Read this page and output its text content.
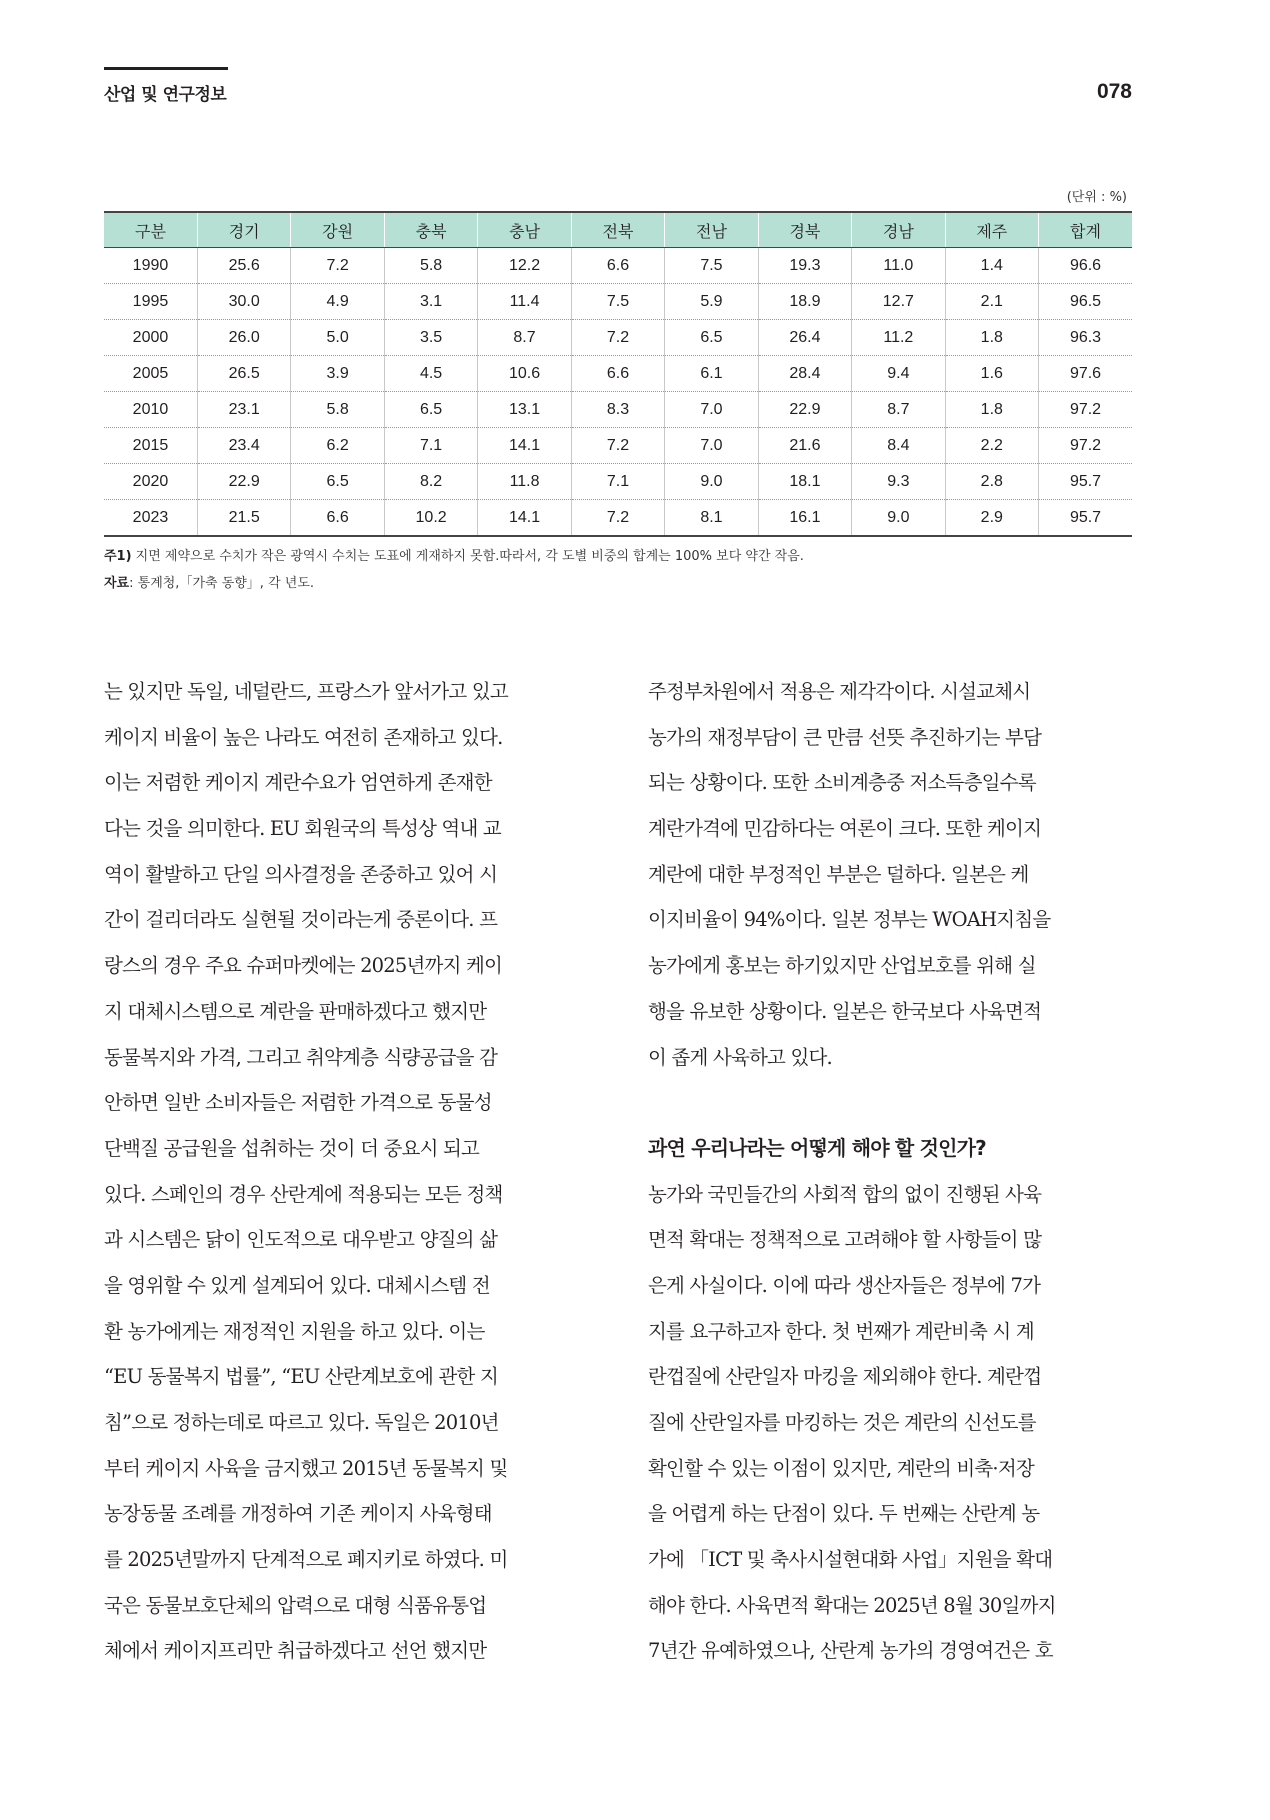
산업 및 연구정보	078
(단위 : %)
구분	경기	강원	충북	충남	전북	전남	경북	경남	제주	합계
1990	25.6	7.2	5.8	12.2	6.6	7.5	19.3	11.0	1.4	96.6
1995	30.0	4.9	3.1	11.4	7.5	5.9	18.9	12.7	2.1	96.5
2000	26.0	5.0	3.5	8.7	7.2	6.5	26.4	11.2	1.8	96.3
2005	26.5	3.9	4.5	10.6	6.6	6.1	28.4	9.4	1.6	97.6
2010	23.1	5.8	6.5	13.1	8.3	7.0	22.9	8.7	1.8	97.2
2015	23.4	6.2	7.1	14.1	7.2	7.0	21.6	8.4	2.2	97.2
2020	22.9	6.5	8.2	11.8	7.1	9.0	18.1	9.3	2.8	95.7
2023	21.5	6.6	10.2	14.1	7.2	8.1	16.1	9.0	2.9	95.7
주1) 지면 제약으로 수치가 작은 광역시 수치는 도표에 게재하지 못함.따라서, 각 도별 비중의 합계는 100% 보다 약간 작음.
자료: 통계청,「가축 동향」, 각 년도.
는 있지만 독일, 네덜란드, 프랑스가 앞서가고 있고
케이지 비율이 높은 나라도 여전히 존재하고 있다.
이는 저렴한 케이지 계란수요가 엄연하게 존재한
다는 것을 의미한다. EU 회원국의 특성상 역내 교
역이 활발하고 단일 의사결정을 존중하고 있어 시
간이 걸리더라도 실현될 것이라는게 중론이다. 프
랑스의 경우 주요 슈퍼마켓에는 2025년까지 케이
지 대체시스템으로 계란을 판매하겠다고 했지만
동물복지와 가격, 그리고 취약계층 식량공급을 감
안하면 일반 소비자들은 저렴한 가격으로 동물성
단백질 공급원을 섭취하는 것이 더 중요시 되고
있다. 스페인의 경우 산란계에 적용되는 모든 정책
과 시스템은 닭이 인도적으로 대우받고 양질의 삶
을 영위할 수 있게 설계되어 있다. 대체시스템 전
환 농가에게는 재정적인 지원을 하고 있다. 이는
“EU 동물복지 법률”, “EU 산란계보호에 관한 지
침”으로 정하는데로 따르고 있다. 독일은 2010년
부터 케이지 사육을 금지했고 2015년 동물복지 및
농장동물 조례를 개정하여 기존 케이지 사육형태
를 2025년말까지 단계적으로 폐지키로 하였다. 미
국은 동물보호단체의 압력으로 대형 식품유통업
체에서 케이지프리만 취급하겠다고 선언 했지만
주정부차원에서 적용은 제각각이다. 시설교체시
농가의 재정부담이 큰 만큼 선뜻 추진하기는 부담
되는 상황이다. 또한 소비계층중 저소득층일수록
계란가격에 민감하다는 여론이 크다. 또한 케이지
계란에 대한 부정적인 부분은 덜하다. 일본은 케
이지비율이 94%이다. 일본 정부는 WOAH지침을
농가에게 홍보는 하기있지만 산업보호를 위해 실
행을 유보한 상황이다. 일본은 한국보다 사육면적
이 좁게 사육하고 있다.
과연 우리나라는 어떻게 해야 할 것인가?
농가와 국민들간의 사회적 합의 없이 진행된 사육
면적 확대는 정책적으로 고려해야 할 사항들이 많
은게 사실이다. 이에 따라 생산자들은 정부에 7가
지를 요구하고자 한다. 첫 번째가 계란비축 시 계
란껍질에 산란일자 마킹을 제외해야 한다. 계란껍
질에 산란일자를 마킹하는 것은 계란의 신선도를
확인할 수 있는 이점이 있지만, 계란의 비축·저장
을 어렵게 하는 단점이 있다. 두 번째는 산란계 농
가에 「ICT 및 축사시설현대화 사업」지원을 확대
해야 한다. 사육면적 확대는 2025년 8월 30일까지
7년간 유예하였으나, 산란계 농가의 경영여건은 호
